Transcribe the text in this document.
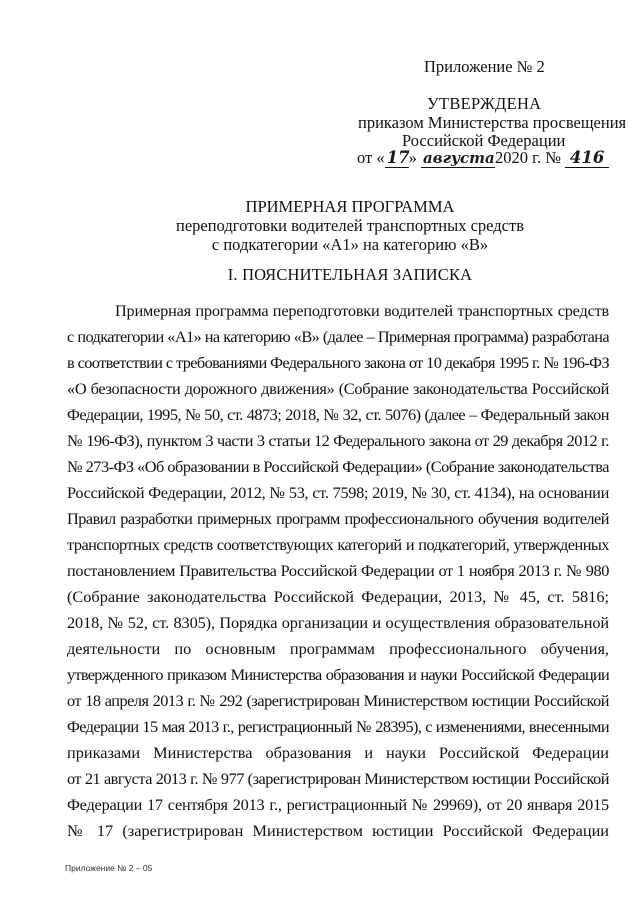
Приложение № 2
УТВЕРЖДЕНА
приказом Министерства просвещения
Российской Федерации
от « 17» августа2020 г. № 416
ПРИМЕРНАЯ ПРОГРАММА
переподготовки водителей транспортных средств
с подкатегории «А1» на категорию «В»
I. ПОЯСНИТЕЛЬНАЯ ЗАПИСКА
Примерная программа переподготовки водителей транспортных средств
с подкатегории «А1» на категорию «В» (далее – Примерная программа) разработана
в соответствии с требованиями Федерального закона от 10 декабря 1995 г. № 196-ФЗ
«О безопасности дорожного движения» (Собрание законодательства Российской
Федерации, 1995, № 50, ст. 4873; 2018, № 32, ст. 5076) (далее – Федеральный закон
№ 196-ФЗ), пунктом 3 части 3 статьи 12 Федерального закона от 29 декабря 2012 г.
№ 273-ФЗ «Об образовании в Российской Федерации» (Собрание законодательства
Российской Федерации, 2012, № 53, ст. 7598; 2019, № 30, ст. 4134), на основании
Правил разработки примерных программ профессионального обучения водителей
транспортных средств соответствующих категорий и подкатегорий, утвержденных
постановлением Правительства Российской Федерации от 1 ноября 2013 г. № 980
(Собрание законодательства Российской Федерации, 2013, № 45, ст. 5816;
2018, № 52, ст. 8305), Порядка организации и осуществления образовательной
деятельности по основным программам профессионального обучения,
утвержденного приказом Министерства образования и науки Российской Федерации
от 18 апреля 2013 г. № 292 (зарегистрирован Министерством юстиции Российской
Федерации 15 мая 2013 г., регистрационный № 28395), с изменениями, внесенными
приказами Министерства образования и науки Российской Федерации
от 21 августа 2013 г. № 977 (зарегистрирован Министерством юстиции Российской
Федерации 17 сентября 2013 г., регистрационный № 29969), от 20 января 2015
№ 17 (зарегистрирован Министерством юстиции Российской Федерации
Приложение № 2 – 05
